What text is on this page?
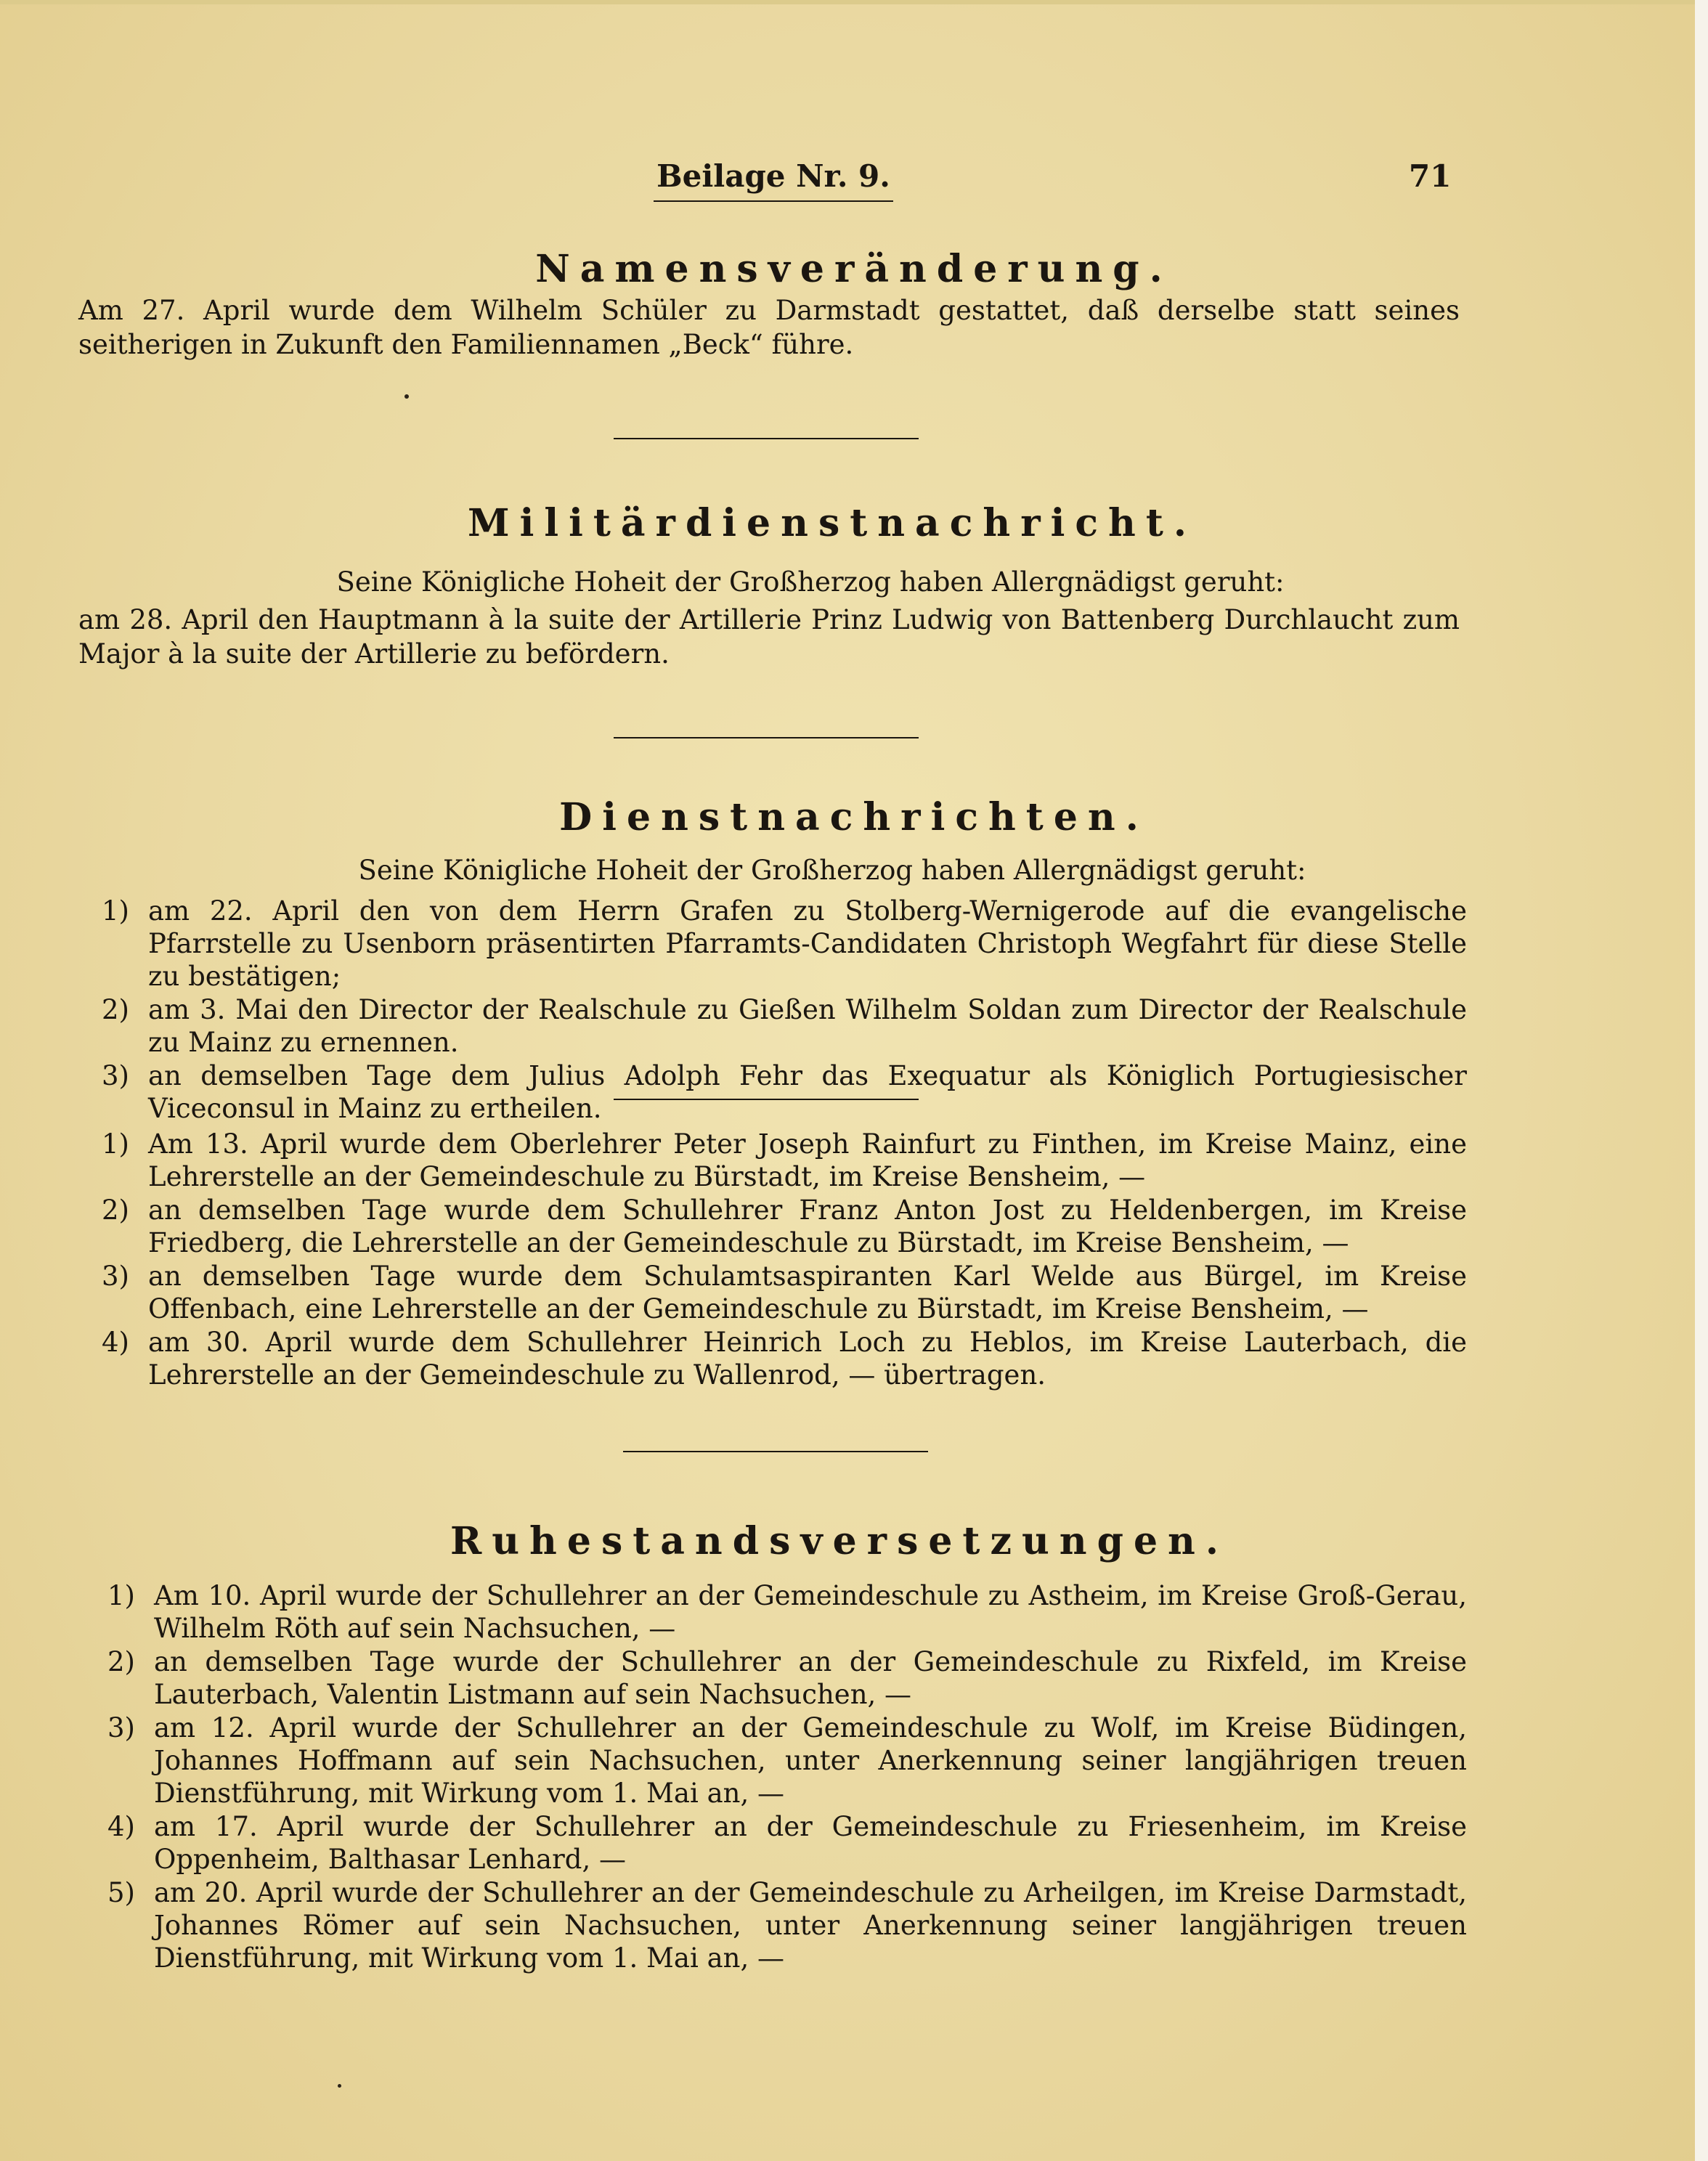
Beilage Nr. 9.	71
Namensveränderung.
Am 27. April wurde dem Wilhelm Schüler zu Darmstadt gestattet, daß derselbe statt seines seitherigen in Zukunft den Familiennamen „Beck“ führe.
Militärdienstnachricht.
Seine Königliche Hoheit der Großherzog haben Allergnädigst geruht:
am 28. April den Hauptmann à la suite der Artillerie Prinz Ludwig von Battenberg Durchlaucht zum Major à la suite der Artillerie zu befördern.
Dienstnachrichten.
Seine Königliche Hoheit der Großherzog haben Allergnädigst geruht:
1) am 22. April den von dem Herrn Grafen zu Stolberg-Wernigerode auf die evangelische Pfarrstelle zu Usenborn präsentirten Pfarramts-Candidaten Christoph Wegfahrt für diese Stelle zu bestätigen;
2) am 3. Mai den Director der Realschule zu Gießen Wilhelm Soldan zum Director der Realschule zu Mainz zu ernennen.
3) an demselben Tage dem Julius Adolph Fehr das Exequatur als Königlich Portugiesischer Viceconsul in Mainz zu ertheilen.
1) Am 13. April wurde dem Oberlehrer Peter Joseph Rainfurt zu Finthen, im Kreise Mainz, eine Lehrerstelle an der Gemeindeschule zu Bürstadt, im Kreise Bensheim, —
2) an demselben Tage wurde dem Schullehrer Franz Anton Jost zu Heldenbergen, im Kreise Friedberg, die Lehrerstelle an der Gemeindeschule zu Bürstadt, im Kreise Bensheim, —
3) an demselben Tage wurde dem Schulamtsaspiranten Karl Welde aus Bürgel, im Kreise Offenbach, eine Lehrerstelle an der Gemeindeschule zu Bürstadt, im Kreise Bensheim, —
4) am 30. April wurde dem Schullehrer Heinrich Loch zu Heblos, im Kreise Lauterbach, die Lehrerstelle an der Gemeindeschule zu Wallenrod, — übertragen.
Ruhestandsversetzungen.
1) Am 10. April wurde der Schullehrer an der Gemeindeschule zu Astheim, im Kreise Groß-Gerau, Wilhelm Röth auf sein Nachsuchen, —
2) an demselben Tage wurde der Schullehrer an der Gemeindeschule zu Rixfeld, im Kreise Lauterbach, Valentin Listmann auf sein Nachsuchen, —
3) am 12. April wurde der Schullehrer an der Gemeindeschule zu Wolf, im Kreise Büdingen, Johannes Hoffmann auf sein Nachsuchen, unter Anerkennung seiner langjährigen treuen Dienstführung, mit Wirkung vom 1. Mai an, —
4) am 17. April wurde der Schullehrer an der Gemeindeschule zu Friesenheim, im Kreise Oppenheim, Balthasar Lenhard, —
5) am 20. April wurde der Schullehrer an der Gemeindeschule zu Arheilgen, im Kreise Darmstadt, Johannes Römer auf sein Nachsuchen, unter Anerkennung seiner langjährigen treuen Dienstführung, mit Wirkung vom 1. Mai an, —
